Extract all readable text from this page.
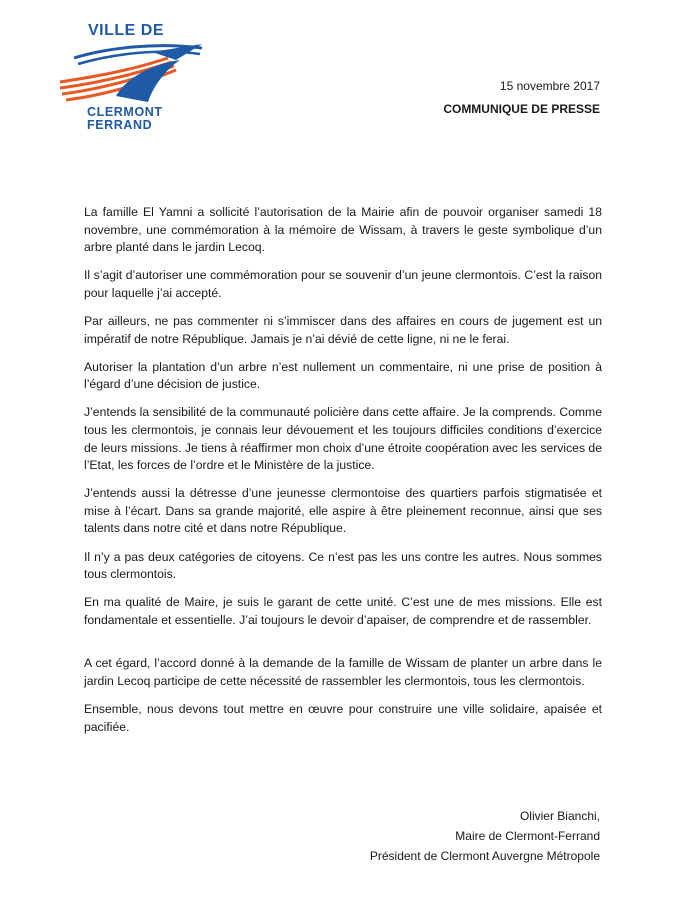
VILLE DE
CLERMONT
FERRAND
15 novembre 2017
COMMUNIQUE DE PRESSE

La famille El Yamni a sollicité l’autorisation de la Mairie afin de pouvoir organiser samedi 18 novembre, une commémoration à la mémoire de Wissam, à travers le geste symbolique d’un arbre planté dans le jardin Lecoq.

Il s’agit d’autoriser une commémoration pour se souvenir d’un jeune clermontois. C’est la raison pour laquelle j’ai accepté.

Par ailleurs, ne pas commenter ni s’immiscer dans des affaires en cours de jugement est un impératif de notre République. Jamais je n’ai dévié de cette ligne, ni ne le ferai.

Autoriser la plantation d’un arbre n’est nullement un commentaire, ni une prise de position à l’égard d’une décision de justice.

J’entends la sensibilité de la communauté policière dans cette affaire. Je la comprends. Comme tous les clermontois, je connais leur dévouement et les toujours difficiles conditions d’exercice de leurs missions. Je tiens à réaffirmer mon choix d’une étroite coopération avec les services de l’Etat, les forces de l’ordre et le Ministère de la justice.

J’entends aussi la détresse d’une jeunesse clermontoise des quartiers parfois stigmatisée et mise à l’écart. Dans sa grande majorité, elle aspire à être pleinement reconnue, ainsi que ses talents dans notre cité et dans notre République.

Il n’y a pas deux catégories de citoyens. Ce n’est pas les uns contre les autres. Nous sommes tous clermontois.

En ma qualité de Maire, je suis le garant de cette unité. C’est une de mes missions. Elle est fondamentale et essentielle. J’ai toujours le devoir d’apaiser, de comprendre et de rassembler.

A cet égard, l’accord donné à la demande de la famille de Wissam de planter un arbre dans le jardin Lecoq participe de cette nécessité de rassembler les clermontois, tous les clermontois.

Ensemble, nous devons tout mettre en œuvre pour construire une ville solidaire, apaisée et pacifiée.

Olivier Bianchi,
Maire de Clermont-Ferrand
Président de Clermont Auvergne Métropole
